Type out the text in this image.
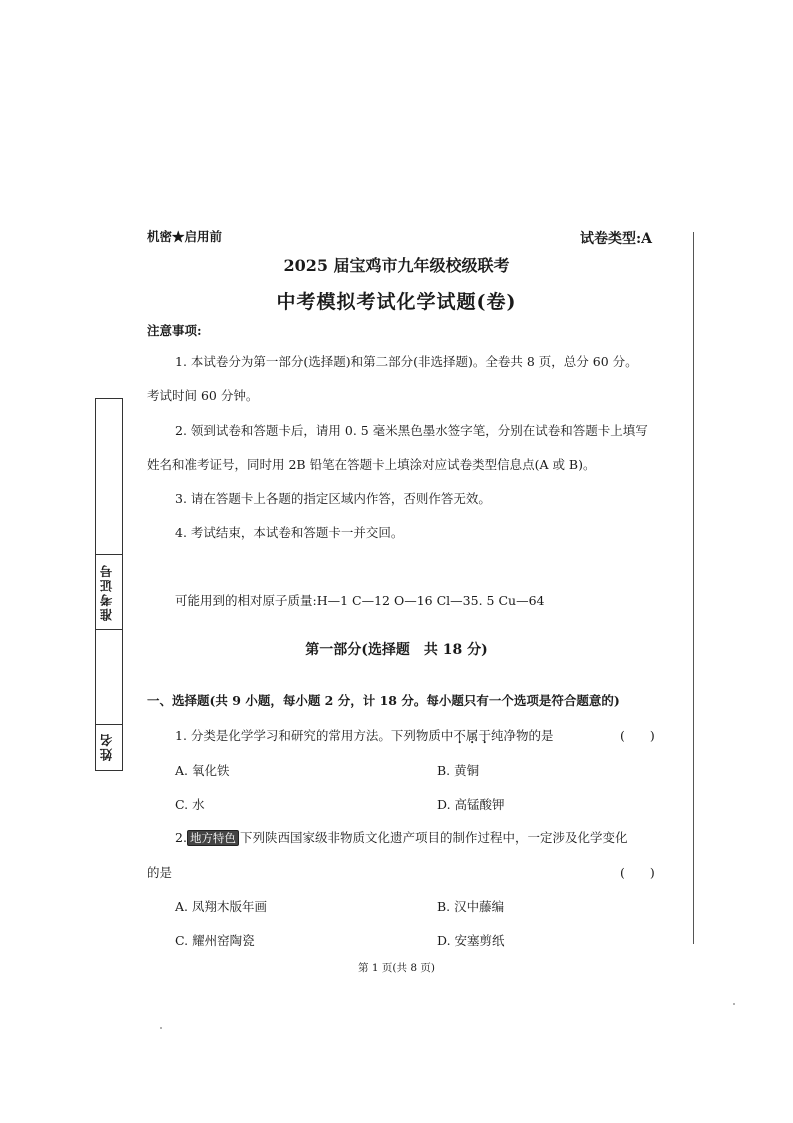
准考证号
姓名
机密★启用前	试卷类型:A
2025 届宝鸡市九年级校级联考
中考模拟考试化学试题(卷)
注意事项:
1. 本试卷分为第一部分(选择题)和第二部分(非选择题)。全卷共 8 页，总分 60 分。
考试时间 60 分钟。
2. 领到试卷和答题卡后，请用 0. 5 毫米黑色墨水签字笔，分别在试卷和答题卡上填写
姓名和准考证号，同时用 2B 铅笔在答题卡上填涂对应试卷类型信息点(A 或 B)。
3. 请在答题卡上各题的指定区域内作答，否则作答无效。
4. 考试结束，本试卷和答题卡一并交回。
可能用到的相对原子质量:H—1 C—12 O—16 Cl—35. 5 Cu—64
第一部分(选择题　共 18 分)
一、选择题(共 9 小题，每小题 2 分，计 18 分。每小题只有一个选项是符合题意的)
1. 分类是化学学习和研究的常用方法。下列物质中不属于纯净物的是	(　　)
A. 氧化铁	B. 黄铜
C. 水	D. 高锰酸钾
2. 地方特色 下列陕西国家级非物质文化遗产项目的制作过程中，一定涉及化学变化
的是	(　　)
A. 凤翔木版年画	B. 汉中藤编
C. 耀州窑陶瓷	D. 安塞剪纸
第 1 页(共 8 页)
